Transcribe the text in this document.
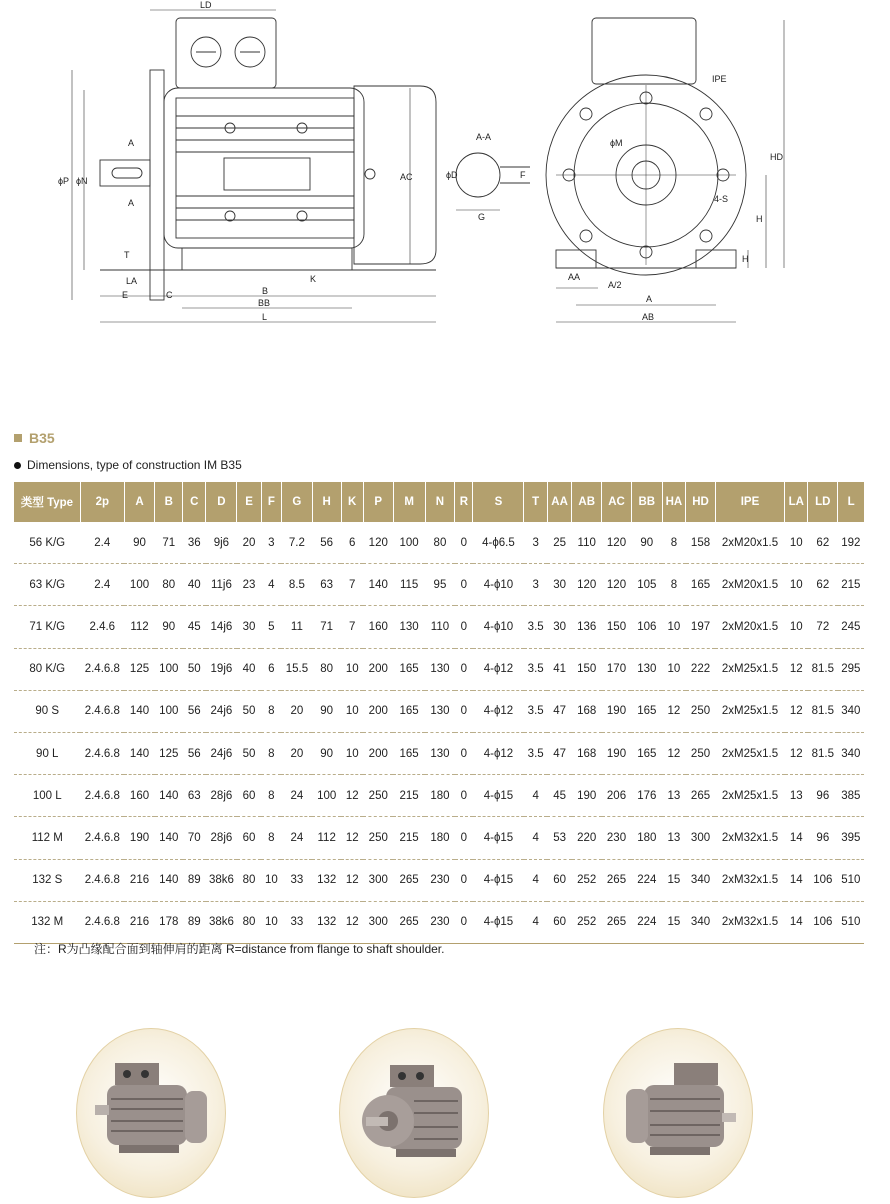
LD
A
A
ϕP ϕN
T
LA
E	C
K
B
BB
L
AC
A-A
ϕD	F
G
IPE
ϕM
HD
4-S
H
H
AA
A/2
A
AB
B35
Dimensions, type of construction IM B35
类型 Type	2p	A	B	C	D	E	F	G	H	K	P	M	N	R	S	T	AA	AB	AC	BB	HA	HD	IPE	LA	LD	L
56 K/G	2.4	90	71	36	9j6	20	3	7.2	56	6	120	100	80	0	4-ϕ6.5	3	25	110	120	90	8	158	2xM20x1.5	10	62	192
63 K/G	2.4	100	80	40	11j6	23	4	8.5	63	7	140	115	95	0	4-ϕ10	3	30	120	120	105	8	165	2xM20x1.5	10	62	215
71 K/G	2.4.6	112	90	45	14j6	30	5	11	71	7	160	130	110	0	4-ϕ10	3.5	30	136	150	106	10	197	2xM20x1.5	10	72	245
80 K/G	2.4.6.8	125	100	50	19j6	40	6	15.5	80	10	200	165	130	0	4-ϕ12	3.5	41	150	170	130	10	222	2xM25x1.5	12	81.5	295
90 S	2.4.6.8	140	100	56	24j6	50	8	20	90	10	200	165	130	0	4-ϕ12	3.5	47	168	190	165	12	250	2xM25x1.5	12	81.5	340
90 L	2.4.6.8	140	125	56	24j6	50	8	20	90	10	200	165	130	0	4-ϕ12	3.5	47	168	190	165	12	250	2xM25x1.5	12	81.5	340
100 L	2.4.6.8	160	140	63	28j6	60	8	24	100	12	250	215	180	0	4-ϕ15	4	45	190	206	176	13	265	2xM25x1.5	13	96	385
112 M	2.4.6.8	190	140	70	28j6	60	8	24	112	12	250	215	180	0	4-ϕ15	4	53	220	230	180	13	300	2xM32x1.5	14	96	395
132 S	2.4.6.8	216	140	89	38k6	80	10	33	132	12	300	265	230	0	4-ϕ15	4	60	252	265	224	15	340	2xM32x1.5	14	106	510
132 M	2.4.6.8	216	178	89	38k6	80	10	33	132	12	300	265	230	0	4-ϕ15	4	60	252	265	224	15	340	2xM32x1.5	14	106	510
注：R为凸缘配合面到轴伸肩的距离 R=distance from flange to shaft shoulder.
